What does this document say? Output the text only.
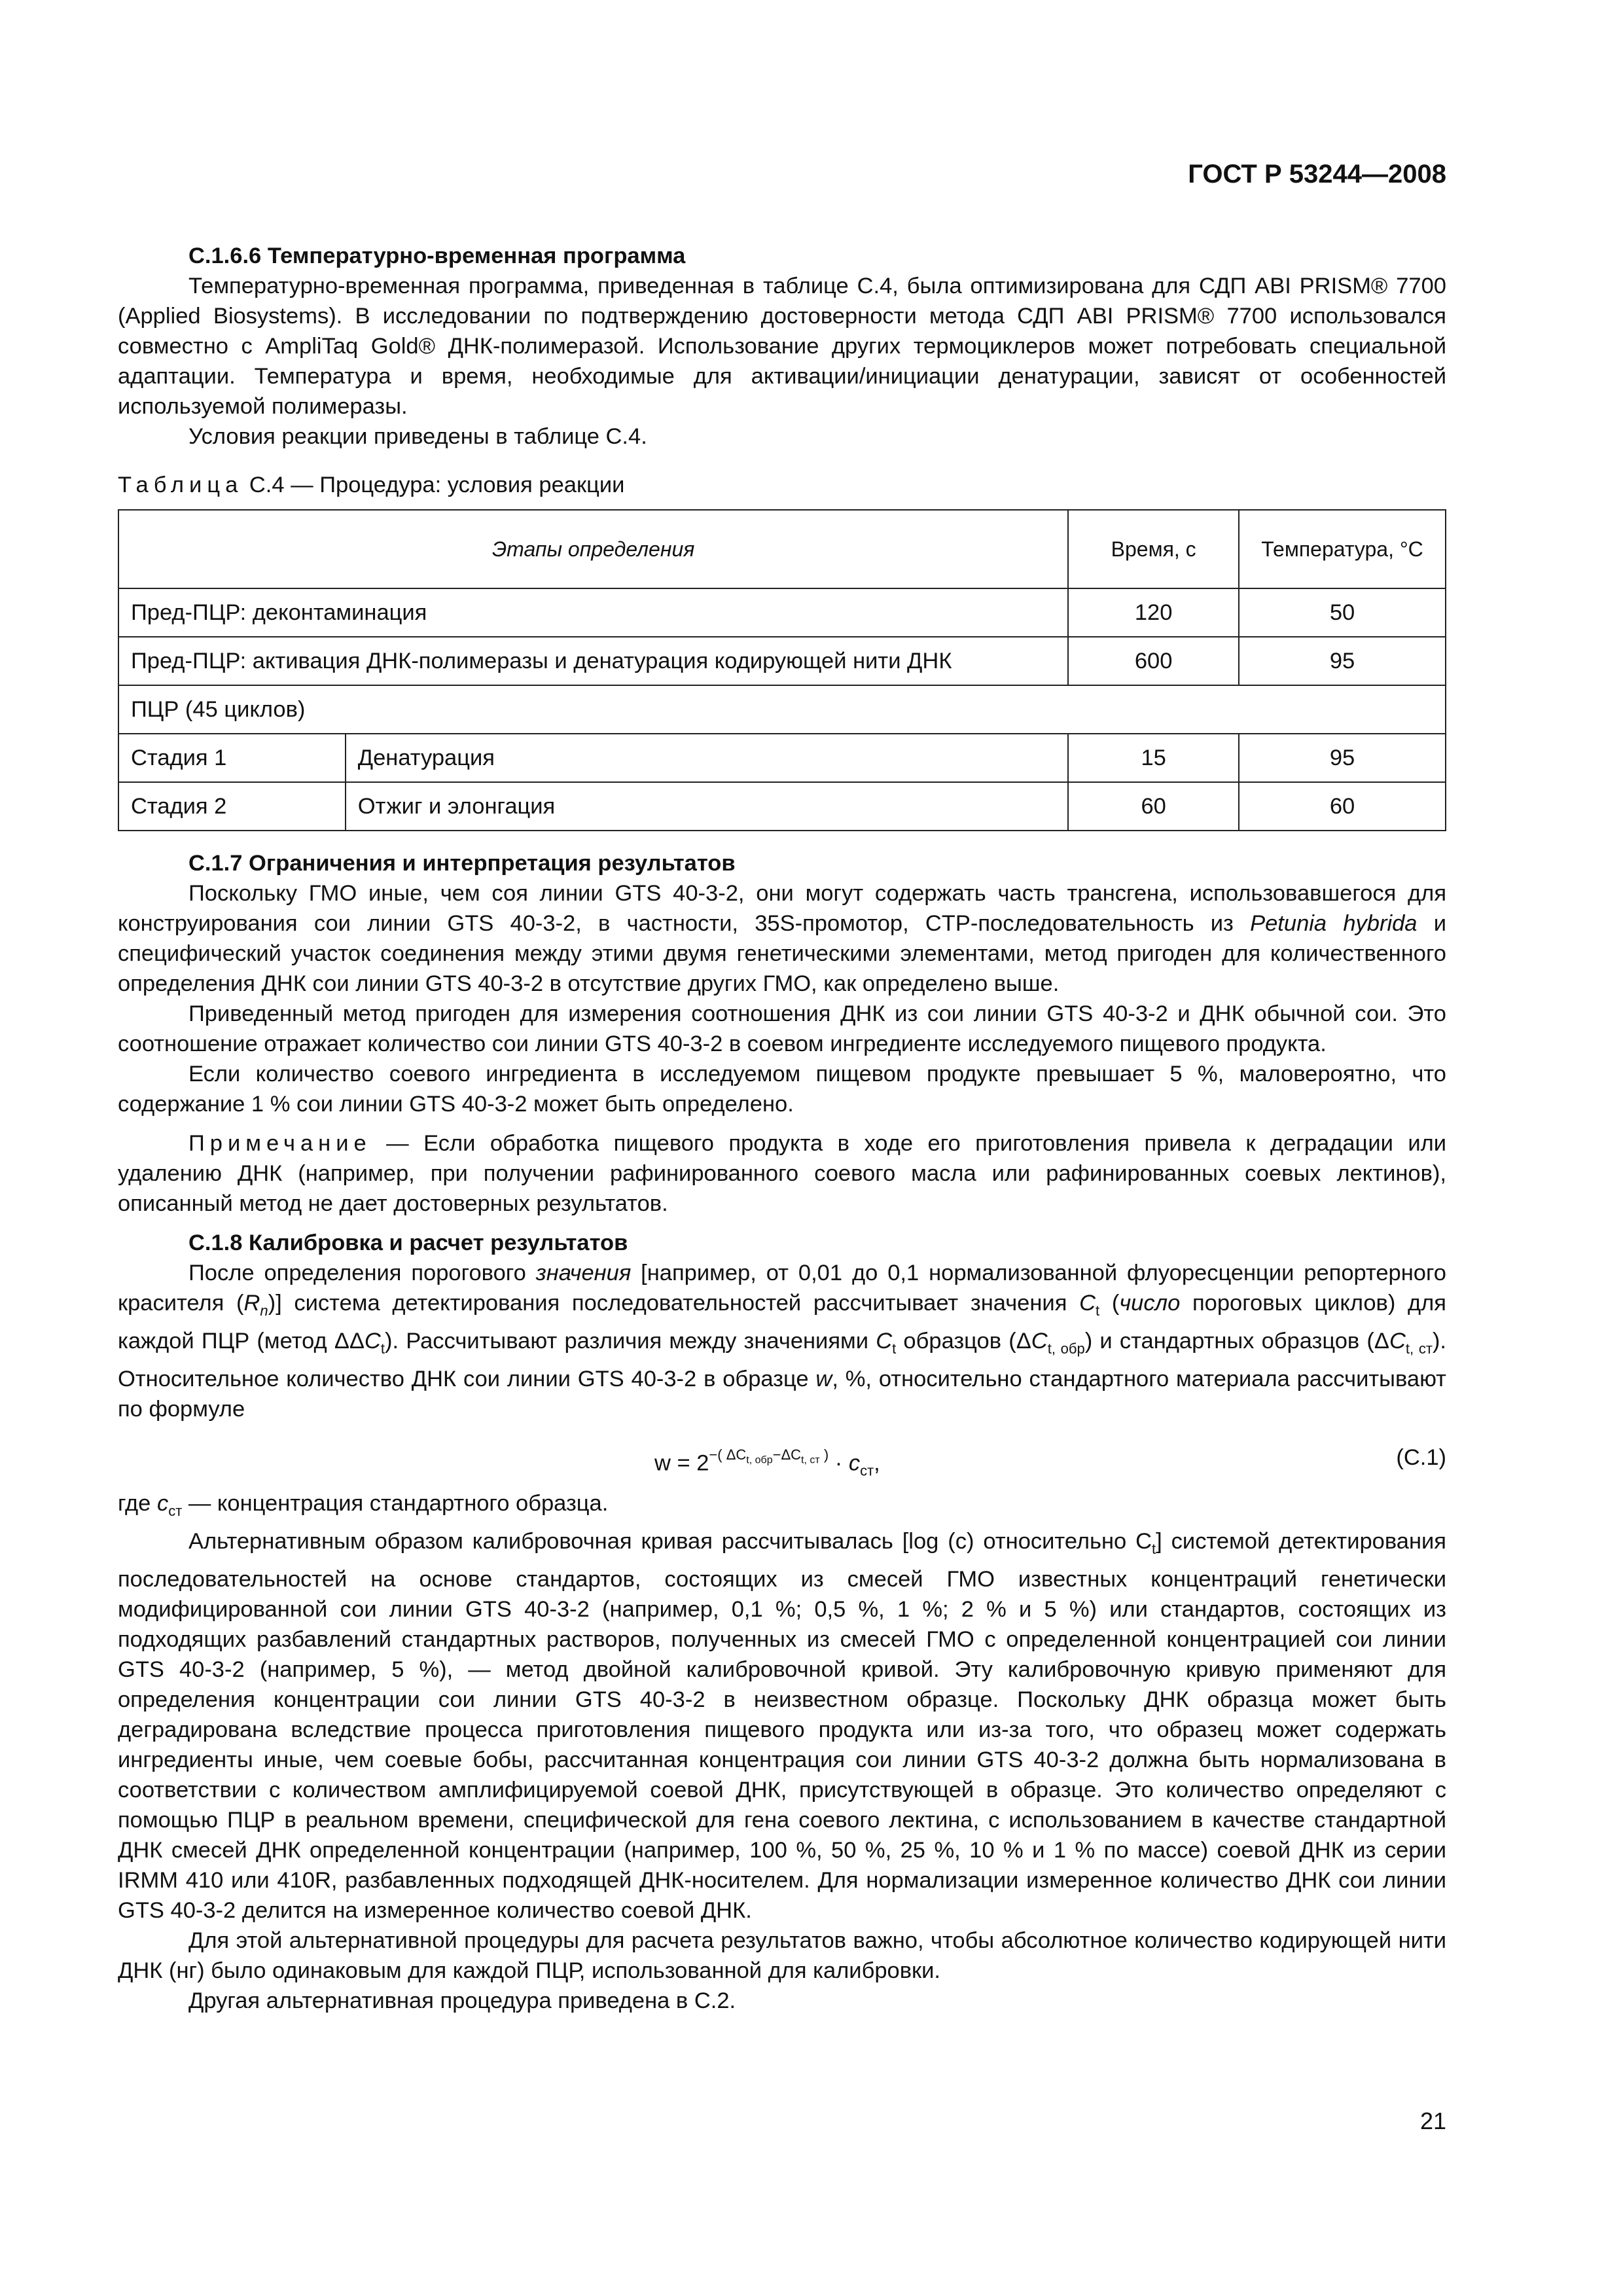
ГОСТ Р 53244—2008
С.1.6.6 Температурно-временная программа

Температурно-временная программа, приведенная в таблице С.4, была оптимизирована для СДП ABI PRISM® 7700 (Applied Biosystems). В исследовании по подтверждению достоверности метода СДП ABI PRISM® 7700 использовался совместно с AmpliTaq Gold® ДНК-полимеразой. Использование других термоциклеров может потребовать специальной адаптации. Температура и время, необходимые для активации/инициации денатурации, зависят от особенностей используемой полимеразы.

Условия реакции приведены в таблице С.4.

Таблица С.4 — Процедура: условия реакции

Этапы определения		Время, с	Температура, °С
Пред-ПЦР: деконтаминация		120	50
Пред-ПЦР: активация ДНК-полимеразы и денатурация кодирующей нити ДНК		600	95
ПЦР (45 циклов)			
Стадия 1	Денатурация	15	95
Стадия 2	Отжиг и элонгация	60	60
С.1.7 Ограничения и интерпретация результатов

Поскольку ГМО иные, чем соя линии GTS 40-3-2, они могут содержать часть трансгена, использовавшегося для конструирования сои линии GTS 40-3-2, в частности, 35S-промотор, CTP-последовательность из Petunia hybrida и специфический участок соединения между этими двумя генетическими элементами, метод пригоден для количественного определения ДНК сои линии GTS 40-3-2 в отсутствие других ГМО, как определено выше.

Приведенный метод пригоден для измерения соотношения ДНК из сои линии GTS 40-3-2 и ДНК обычной сои. Это соотношение отражает количество сои линии GTS 40-3-2 в соевом ингредиенте исследуемого пищевого продукта.

Если количество соевого ингредиента в исследуемом пищевом продукте превышает 5 %, маловероятно, что содержание 1 % сои линии GTS 40-3-2 может быть определено.

Примечание — Если обработка пищевого продукта в ходе его приготовления привела к деградации или удалению ДНК (например, при получении рафинированного соевого масла или рафинированных соевых лектинов), описанный метод не дает достоверных результатов.

С.1.8 Калибровка и расчет результатов

После определения порогового значения [например, от 0,01 до 0,1 нормализованной флуоресценции репортерного красителя $(R_n)$] система детектирования последовательностей рассчитывает значения $C_t$ (число пороговых циклов) для каждой ПЦР (метод $\Delta\Delta C_t$). Рассчитывают различия между значениями $C_t$ образцов $(\Delta C_{t, обр})$ и стандартных образцов $(\Delta C_{t, ст})$. Относительное количество ДНК сои линии GTS 40-3-2 в образце w, %, относительно стандартного материала рассчитывают по формуле

$w = 2^{-( \Delta C_{t, обр}-\Delta C_{t, ст} )} \cdot c_{ст}$,	(С.1)

где $c_{ст}$ — концентрация стандартного образца.

Альтернативным образом калибровочная кривая рассчитывалась [log (с) относительно $C_t$] системой детектирования последовательностей на основе стандартов, состоящих из смесей ГМО известных концентраций генетически модифицированной сои линии GTS 40-3-2 (например, 0,1 %; 0,5 %, 1 %; 2 % и 5 %) или стандартов, состоящих из подходящих разбавлений стандартных растворов, полученных из смесей ГМО с определенной концентрацией сои линии GTS 40-3-2 (например, 5 %), — метод двойной калибровочной кривой. Эту калибровочную кривую применяют для определения концентрации сои линии GTS 40-3-2 в неизвестном образце. Поскольку ДНК образца может быть деградирована вследствие процесса приготовления пищевого продукта или из-за того, что образец может содержать ингредиенты иные, чем соевые бобы, рассчитанная концентрация сои линии GTS 40-3-2 должна быть нормализована в соответствии с количеством амплифицируемой соевой ДНК, присутствующей в образце. Это количество определяют с помощью ПЦР в реальном времени, специфической для гена соевого лектина, с использованием в качестве стандартной ДНК смесей ДНК определенной концентрации (например, 100 %, 50 %, 25 %, 10 % и 1 % по массе) соевой ДНК из серии IRMM 410 или 410R, разбавленных подходящей ДНК-носителем. Для нормализации измеренное количество ДНК сои линии GTS 40-3-2 делится на измеренное количество соевой ДНК.

Для этой альтернативной процедуры для расчета результатов важно, чтобы абсолютное количество кодирующей нити ДНК (нг) было одинаковым для каждой ПЦР, использованной для калибровки.

Другая альтернативная процедура приведена в С.2.

21
